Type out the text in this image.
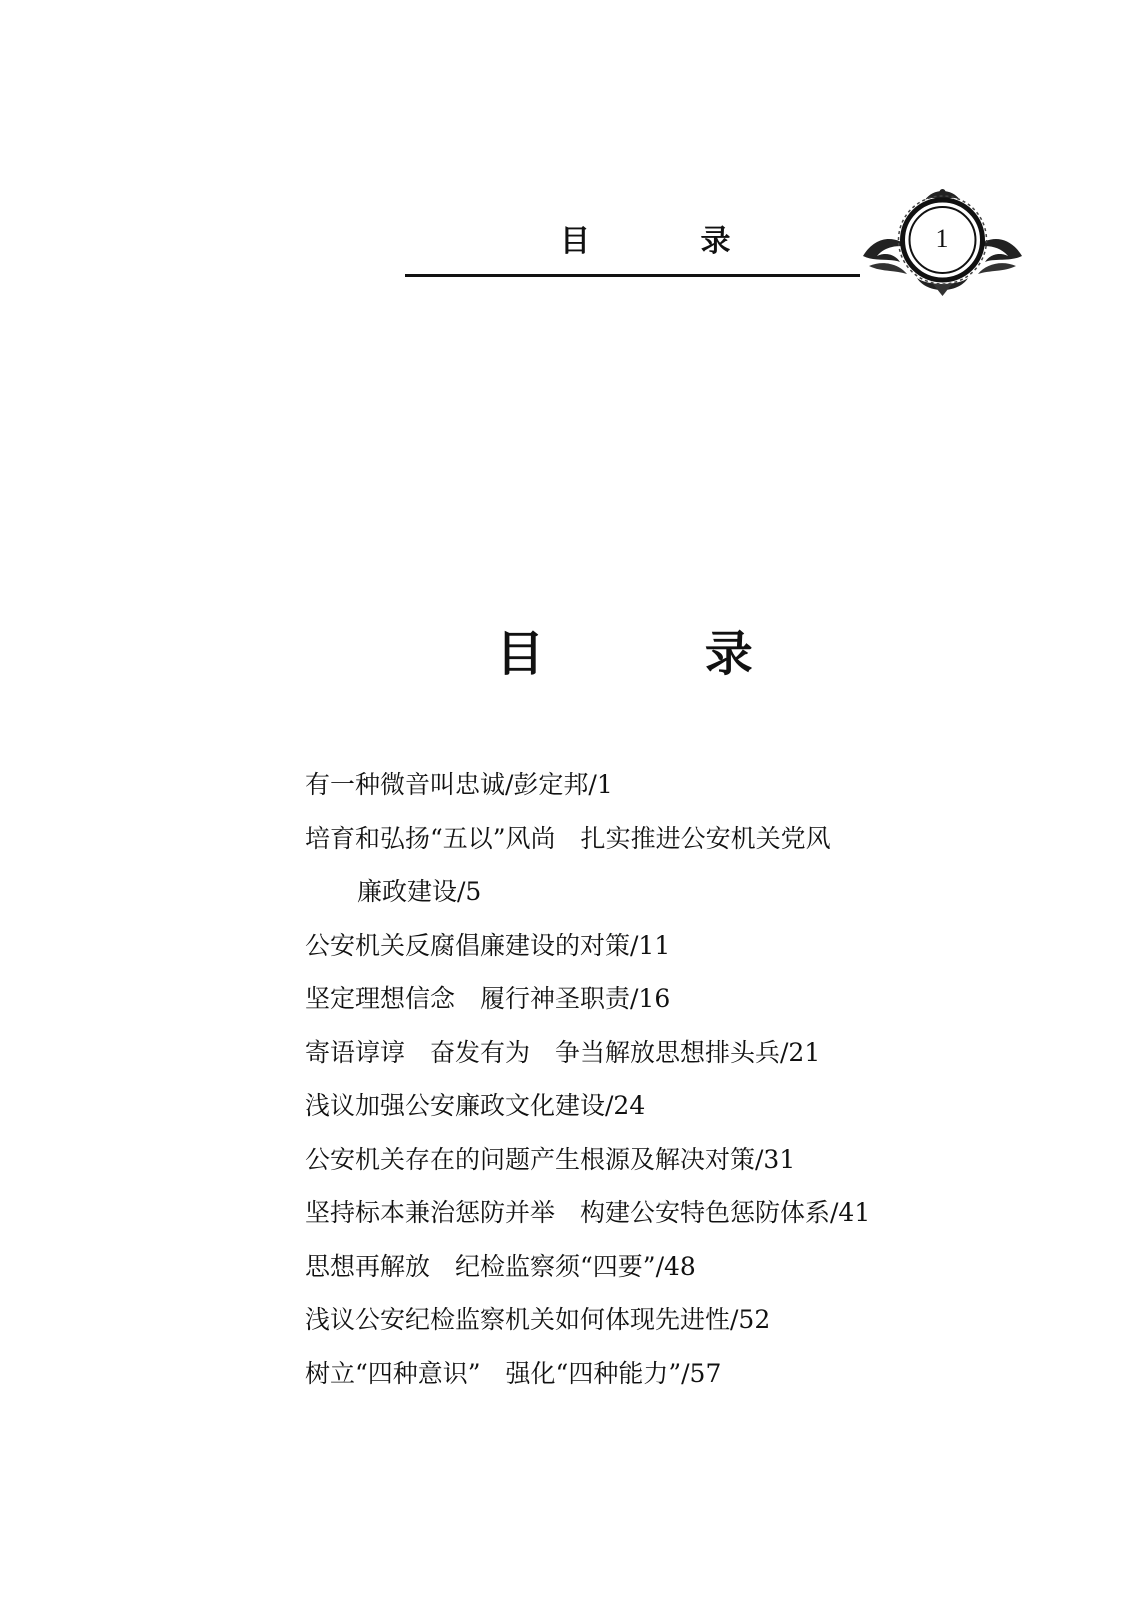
目 录	1
目 录
有一种微音叫忠诚/彭定邦/1
培育和弘扬“五以”风尚　扎实推进公安机关党风
廉政建设/5
公安机关反腐倡廉建设的对策/11
坚定理想信念　履行神圣职责/16
寄语谆谆　奋发有为　争当解放思想排头兵/21
浅议加强公安廉政文化建设/24
公安机关存在的问题产生根源及解决对策/31
坚持标本兼治惩防并举　构建公安特色惩防体系/41
思想再解放　纪检监察须“四要”/48
浅议公安纪检监察机关如何体现先进性/52
树立“四种意识”　强化“四种能力”/57
